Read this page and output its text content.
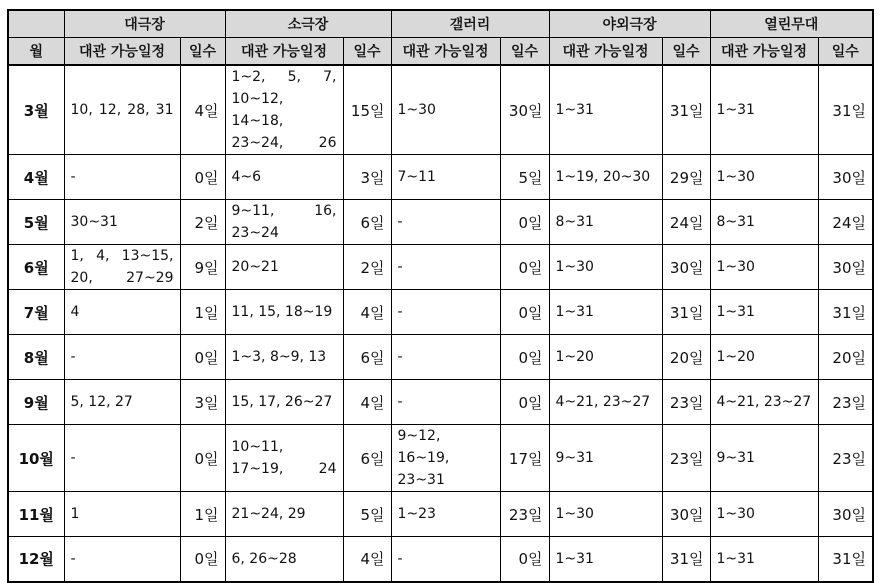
	대극장		소극장		갤러리		야외극장		열린무대	
월	대관 가능일정	일수	대관 가능일정	일수	대관 가능일정	일수	대관 가능일정	일수	대관 가능일정	일수
3월	10, 12, 28, 31	4일	1~2, 5, 7, 10~12, 14~18, 23~24, 26	15일	1~30	30일	1~31	31일	1~31	31일
4월	-	0일	4~6	3일	7~11	5일	1~19, 20~30	29일	1~30	30일
5월	30~31	2일	9~11, 16, 23~24	6일	-	0일	8~31	24일	8~31	24일
6월	1, 4, 13~15, 20, 27~29	9일	20~21	2일	-	0일	1~30	30일	1~30	30일
7월	4	1일	11, 15, 18~19	4일	-	0일	1~31	31일	1~31	31일
8월	-	0일	1~3, 8~9, 13	6일	-	0일	1~20	20일	1~20	20일
9월	5, 12, 27	3일	15, 17, 26~27	4일	-	0일	4~21, 23~27	23일	4~21, 23~27	23일
10월	-	0일	10~11, 17~19, 24	6일	9~12, 16~19, 23~31	17일	9~31	23일	9~31	23일
11월	1	1일	21~24, 29	5일	1~23	23일	1~30	30일	1~30	30일
12월	-	0일	6, 26~28	4일	-	0일	1~31	31일	1~31	31일
